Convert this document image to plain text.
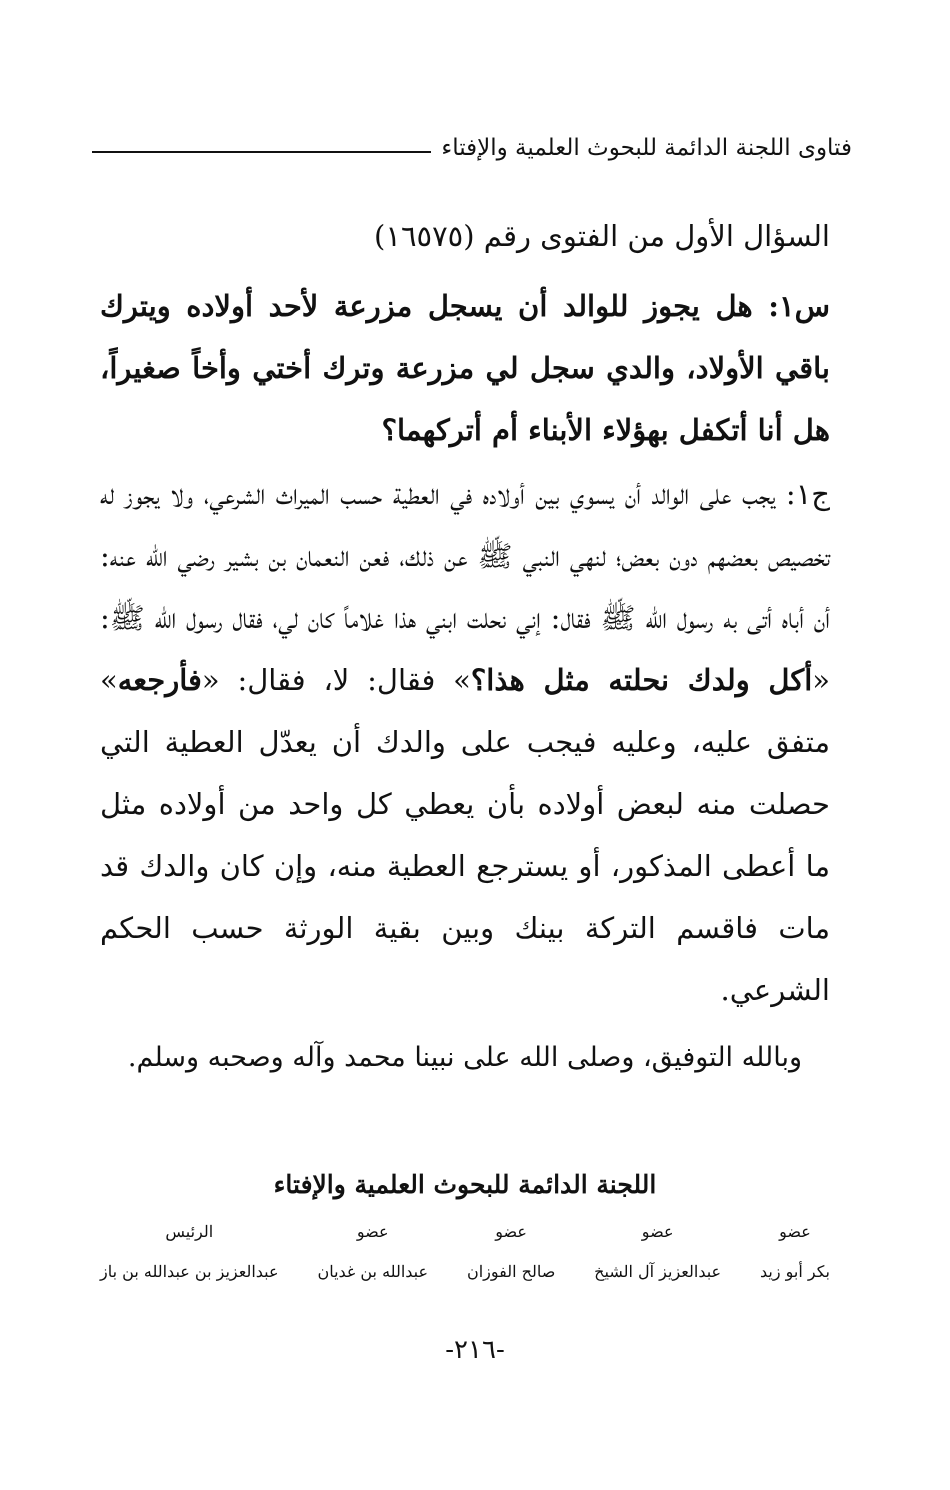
فتاوى اللجنة الدائمة للبحوث العلمية والإفتاء

السؤال الأول من الفتوى رقم (١٦٥٧٥)

س١: هل يجوز للوالد أن يسجل مزرعة لأحد أولاده ويترك باقي الأولاد، والدي سجل لي مزرعة وترك أختي وأخاً صغيراً، هل أنا أتكفل بهؤلاء الأبناء أم أتركهما؟

ج١: يجب على الوالد أن يسوي بين أولاده في العطية حسب الميراث الشرعي، ولا يجوز له تخصيص بعضهم دون بعض؛ لنهي النبي ﷺ عن ذلك، فعن النعمان بن بشير رضي الله عنه: أن أباه أتى به رسول الله ﷺ فقال: إني نحلت ابني هذا غلاماً كان لي، فقال رسول الله ﷺ: «أكل ولدك نحلته مثل هذا؟» فقال: لا، فقال: «فأرجعه» متفق عليه، وعليه فيجب على والدك أن يعدّل العطية التي حصلت منه لبعض أولاده بأن يعطي كل واحد من أولاده مثل ما أعطى المذكور، أو يسترجع العطية منه، وإن كان والدك قد مات فاقسم التركة بينك وبين بقية الورثة حسب الحكم الشرعي.

وبالله التوفيق، وصلى الله على نبينا محمد وآله وصحبه وسلم.

اللجنة الدائمة للبحوث العلمية والإفتاء
عضو
بكر أبو زيد
عضو
عبدالعزيز آل الشيخ
عضو
صالح الفوزان
عضو
عبدالله بن غديان
الرئيس
عبدالعزيز بن عبدالله بن باز
-٢١٦-
